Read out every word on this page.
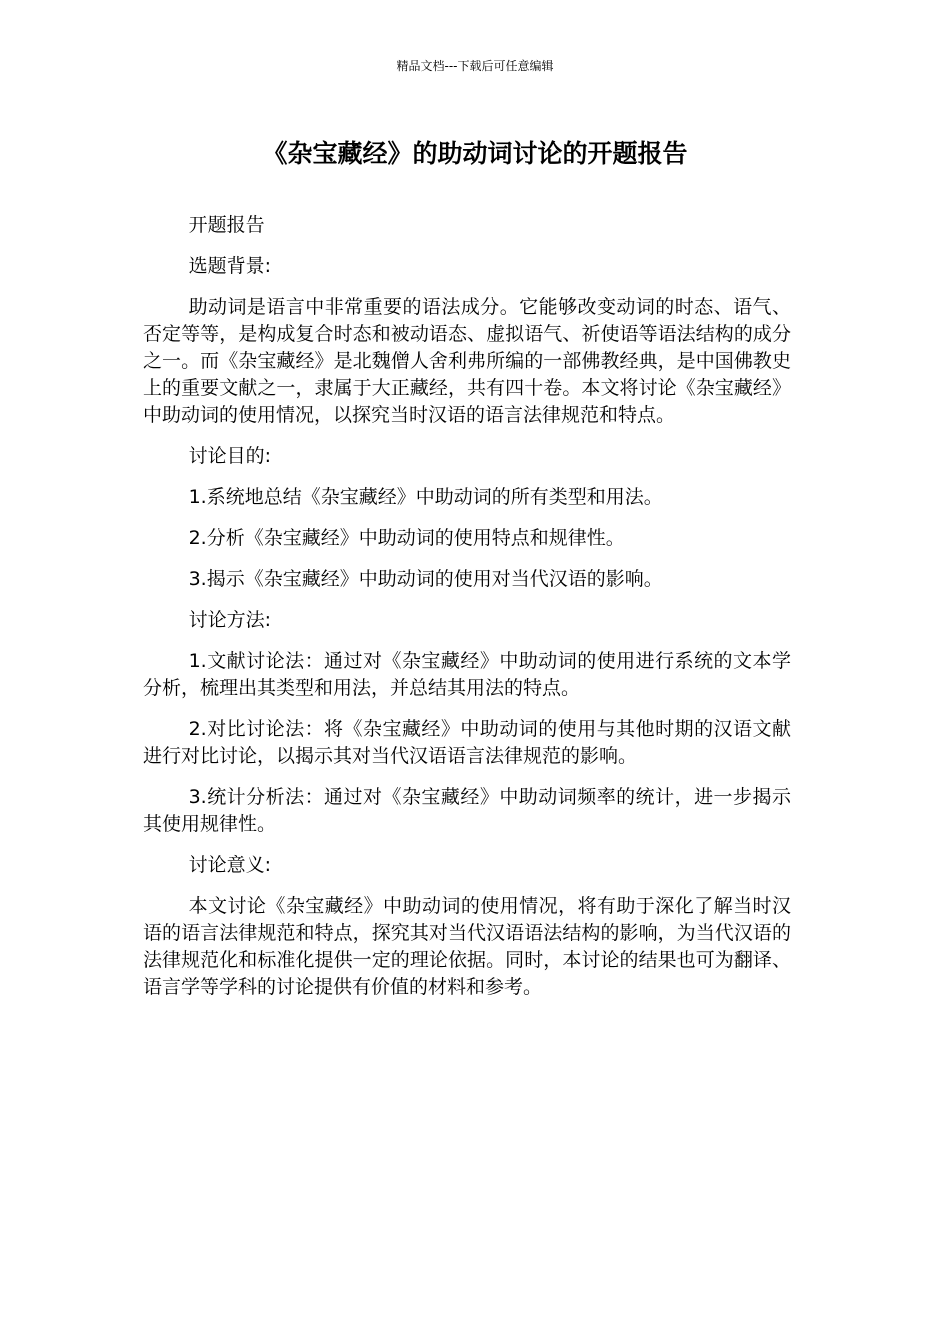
精品文档---下载后可任意编辑
《杂宝藏经》的助动词讨论的开题报告

开题报告

选题背景:

助动词是语言中非常重要的语法成分。它能够改变动词的时态、语气、否定等等，是构成复合时态和被动语态、虚拟语气、祈使语等语法结构的成分之一。而《杂宝藏经》是北魏僧人舍利弗所编的一部佛教经典，是中国佛教史上的重要文献之一，隶属于大正藏经，共有四十卷。本文将讨论《杂宝藏经》中助动词的使用情况，以探究当时汉语的语言法律规范和特点。

讨论目的:

1.系统地总结《杂宝藏经》中助动词的所有类型和用法。

2.分析《杂宝藏经》中助动词的使用特点和规律性。

3.揭示《杂宝藏经》中助动词的使用对当代汉语的影响。

讨论方法:

1.文献讨论法：通过对《杂宝藏经》中助动词的使用进行系统的文本学分析，梳理出其类型和用法，并总结其用法的特点。

2.对比讨论法：将《杂宝藏经》中助动词的使用与其他时期的汉语文献进行对比讨论，以揭示其对当代汉语语言法律规范的影响。

3.统计分析法：通过对《杂宝藏经》中助动词频率的统计，进一步揭示其使用规律性。

讨论意义:

本文讨论《杂宝藏经》中助动词的使用情况，将有助于深化了解当时汉语的语言法律规范和特点，探究其对当代汉语语法结构的影响，为当代汉语的法律规范化和标准化提供一定的理论依据。同时，本讨论的结果也可为翻译、语言学等学科的讨论提供有价值的材料和参考。
